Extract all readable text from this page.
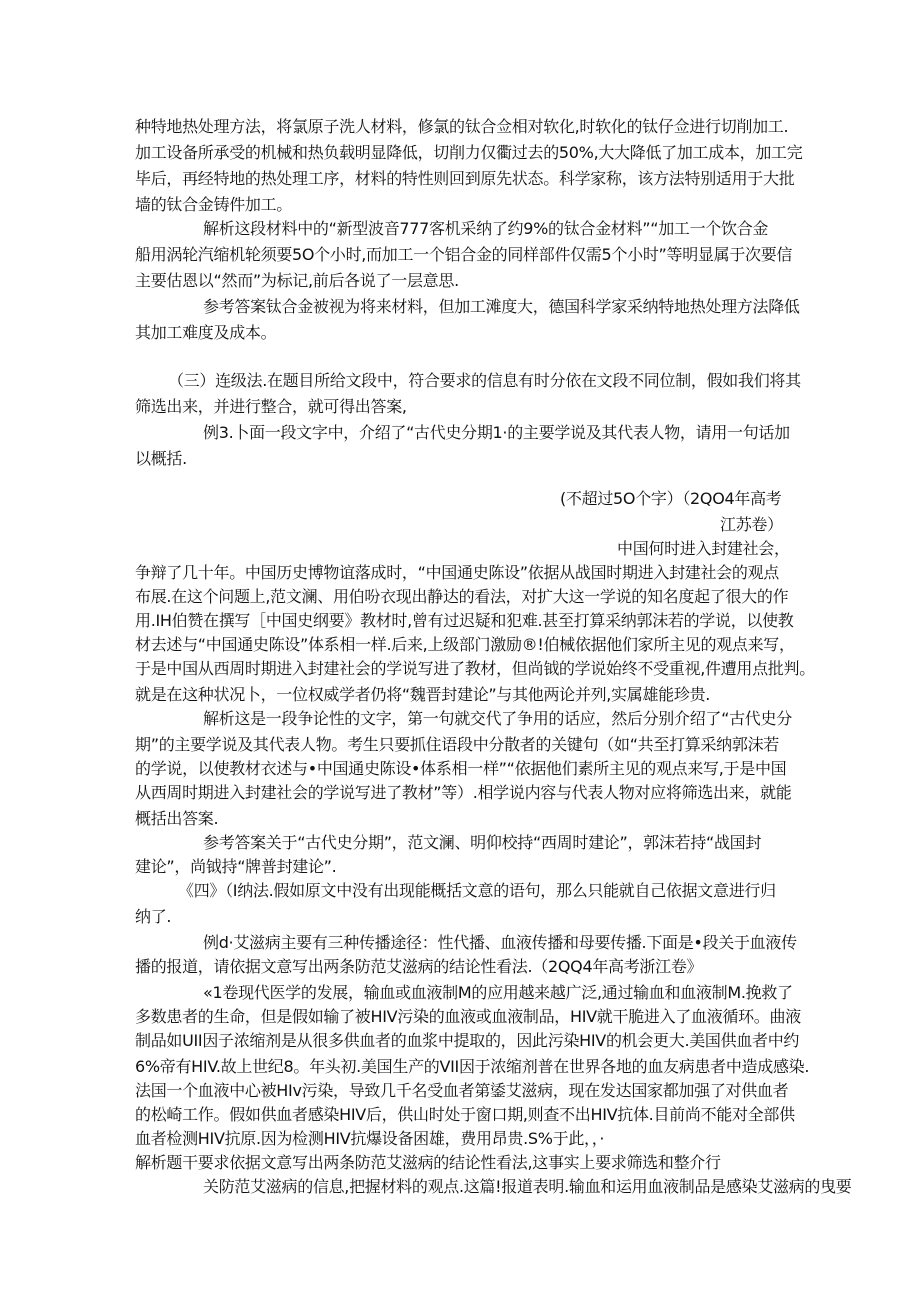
种特地热处理方法，将氯原子洗人材料，修氯的钛合佥相对软化,时软化的钛仔佥进行切削加工.
加工设备所承受的机械和热负载明显降低，切削力仅衢过去的50%,大大降低了加工成本，加工完
毕后，再经特地的热处理工序，材料的特性则回到原先状态。科学家称，该方法特别适用于大批
墙的钛合金铸件加工。
解析这段材料中的“新型波音777客机采纳了约9%的钛合金材料”“加工一个饮合金
船用涡轮汽缩机轮须要5O个小时,而加工一个铝合金的同样部件仅需5个小时”等明显属于次要信
主要估恩以“然而”为标记,前后各说了一层意思.
参考答案钛合金被视为将来材料，但加工滩度大，德国科学家采纳特地热处理方法降低
其加工难度及成本。
（三）连级法.在题目所给文段中，符合要求的信息有时分依在文段不同位制，假如我们将其
筛选出来，并进行整合，就可得出答案,
例3.卜面一段文字中，介绍了“古代史分期1·的主要学说及其代表人物，请用一句话加
以概括.
(不超过5O个字）（2QO4年高考
江苏卷）
中国何时进入封建社会，
争辩了几十年。中国历史博物谊落成时，“中国通史陈设”依据从战国时期进入封建社会的观点
布展.在这个问题上,范文澜、用伯吩衣现出静达的看法，对扩大这一学说的知名度起了很大的作
用.IH伯赞在撰写［中国史纲要》教材时,曾有过迟疑和犯难.甚至打算采纳郭沫若的学说，以使教
材去述与“中国通史陈设”体系相一样.后来,上级部门激励®!伯械依据他们家所主见的观点来写，
于是中国从西周时期进入封建社会的学说写进了教材，但尚钺的学说始终不受重视,件遭用点批判。
就是在这种状况卜，一位权威学者仍将“魏晋封建论”与其他两论并列,实属雄能珍贵.
解析这是一段争论性的文字，第一句就交代了争用的话应，然后分别介绍了“古代史分
期”的主要学说及其代表人物。考生只要抓住语段中分散者的关键句（如“共至打算采纳郭沫若
的学说，以使教材衣述与•中国通史陈设•体系相一样”“依据他们素所主见的观点来写,于是中国
从西周时期进入封建社会的学说写进了教材”等）.相学说内容与代表人物对应将筛选出来，就能
概括出答案.
参考答案关于“古代史分期”，范文澜、明仰校持“西周时建论”，郭沫若持“战国封
建论”，尚钺持“牌普封建论”.
《四》（I纳法.假如原文中没有出现能概括文意的语句，那么只能就自己依据文意进行归
纳了.
例d·艾滋病主要有三种传播途径：性代播、血液传播和母要传播.下面是•段关于血液传
播的报道，请依据文意写出两条防范艾滋病的结论性看法.（2QQ4年高考浙江卷》
«1卷现代医学的发展，输血或血液制M的应用越来越广泛,通过输血和血液制M.挽救了
多数患者的生命，但是假如输了被HIV污染的血液或血液制品，HIV就干脆进入了血液循环。曲液
制品如UII因子浓缩剂是从很多供血者的血浆中提取的，因此污染HIV的机会更大.美国供血者中约
6%帝有HIV.故上世纪8。年头初.美国生产的VII因于浓缩剂普在世界各地的血友病患者中造成感染.
法国一个血液中心被HIv污染，导致几千名受血者第鋈艾滋病，现在发达国家都加强了对供血者
的松崎工作。假如供血者感染HIV后，供山时处于窗口期,则查不出HIV抗体.目前尚不能对全部供
血者检测HIV抗原.因为检测HIV抗爆设备困雄，费用昂贵.S%于此，，·
解析题干要求依据文意写出两条防范艾滋病的结论性看法,这事实上要求筛选和整介行
关防范艾滋病的信息,把握材料的观点.这篇!报道表明.输血和运用血液制品是感染艾滋病的曳要
